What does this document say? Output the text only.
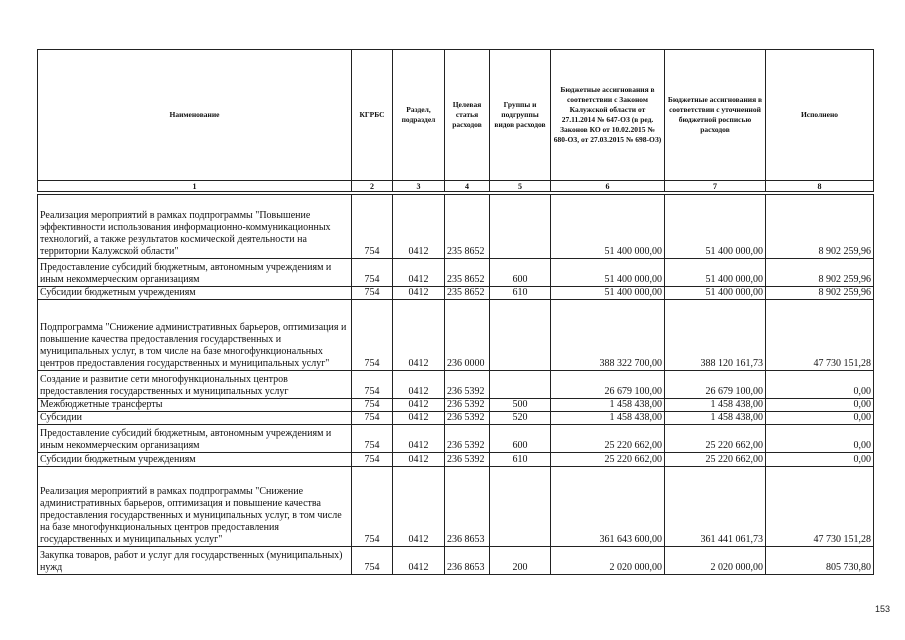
Наименование	КГРБС	Раздел, подраздел	Целевая статья расходов	Группы и подгруппы видов расходов	Бюджетные ассигнования в соответствии с Законом Калужской области от 27.11.2014 № 647-ОЗ (в ред. Законов КО от 10.02.2015 № 680-ОЗ, от 27.03.2015 № 698-ОЗ)	Бюджетные ассигнования в соответствии с уточненной бюджетной росписью расходов	Исполнено
1	2	3	4	5	6	7	8

Реализация мероприятий в рамках подпрограммы "Повышение эффективности использования информационно-коммуникационных технологий, а также результатов космической деятельности на территории Калужской области"	754	0412	235 8652		51 400 000,00	51 400 000,00	8 902 259,96
Предоставление субсидий бюджетным, автономным учреждениям и иным некоммерческим организациям	754	0412	235 8652	600	51 400 000,00	51 400 000,00	8 902 259,96
Субсидии бюджетным учреждениям	754	0412	235 8652	610	51 400 000,00	51 400 000,00	8 902 259,96
Подпрограмма "Снижение административных барьеров, оптимизация и повышение качества предоставления государственных и муниципальных услуг, в том числе на базе многофункциональных центров предоставления государственных и муниципальных услуг"	754	0412	236 0000		388 322 700,00	388 120 161,73	47 730 151,28
Создание и развитие сети многофункциональных центров предоставления государственных и муниципальных услуг	754	0412	236 5392		26 679 100,00	26 679 100,00	0,00
Межбюджетные трансферты	754	0412	236 5392	500	1 458 438,00	1 458 438,00	0,00
Субсидии	754	0412	236 5392	520	1 458 438,00	1 458 438,00	0,00
Предоставление субсидий бюджетным, автономным учреждениям и иным некоммерческим организациям	754	0412	236 5392	600	25 220 662,00	25 220 662,00	0,00
Субсидии бюджетным учреждениям	754	0412	236 5392	610	25 220 662,00	25 220 662,00	0,00
Реализация мероприятий в рамках подпрограммы "Снижение административных барьеров, оптимизация и повышение качества предоставления государственных и муниципальных услуг, в том числе на базе многофункциональных центров предоставления государственных и муниципальных услуг"	754	0412	236 8653		361 643 600,00	361 441 061,73	47 730 151,28
Закупка товаров, работ и услуг для государственных (муниципальных) нужд	754	0412	236 8653	200	2 020 000,00	2 020 000,00	805 730,80
153
